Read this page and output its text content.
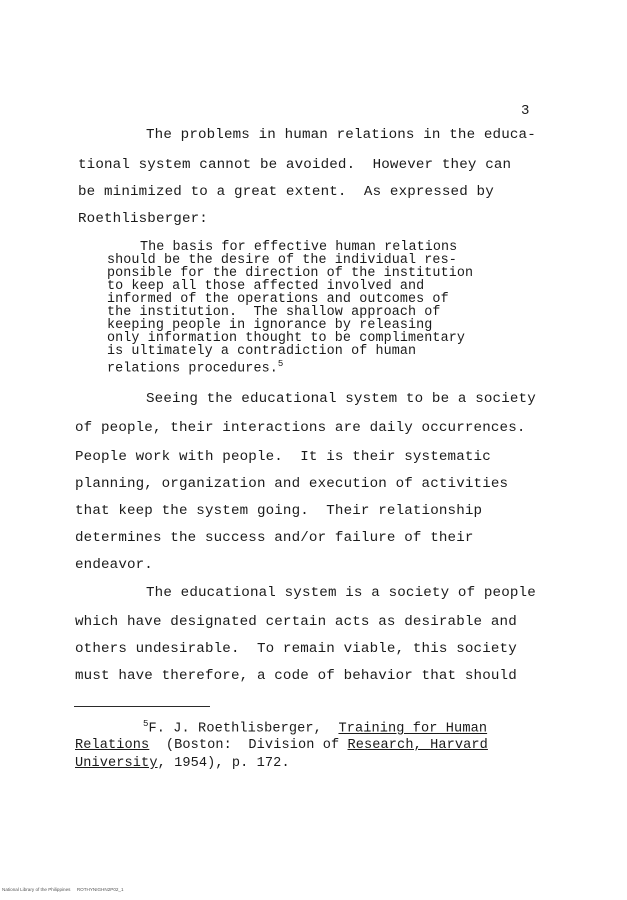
3
The problems in human relations in the educa-
tional system cannot be avoided.  However they can
be minimized to a great extent.  As expressed by
Roethlisberger:
The basis for effective human relations
should be the desire of the individual res-
ponsible for the direction of the institution
to keep all those affected involved and
informed of the operations and outcomes of
the institution.  The shallow approach of
keeping people in ignorance by releasing
only information thought to be complimentary
is ultimately a contradiction of human
relations procedures.$^5$
Seeing the educational system to be a society
of people, their interactions are daily occurrences.
People work with people.  It is their systematic
planning, organization and execution of activities
that keep the system going.  Their relationship
determines the success and/or failure of their
endeavor.
The educational system is a society of people
which have designated certain acts as desirable and
others undesirable.  To remain viable, this society
must have therefore, a code of behavior that should
$^5$F. J. Roethlisberger,  Training for Human
Relations  (Boston:  Division of Research, Harvard
University, 1954), p. 172.
National Library of the Philippines     ROTHYNIGHN2P02_1
